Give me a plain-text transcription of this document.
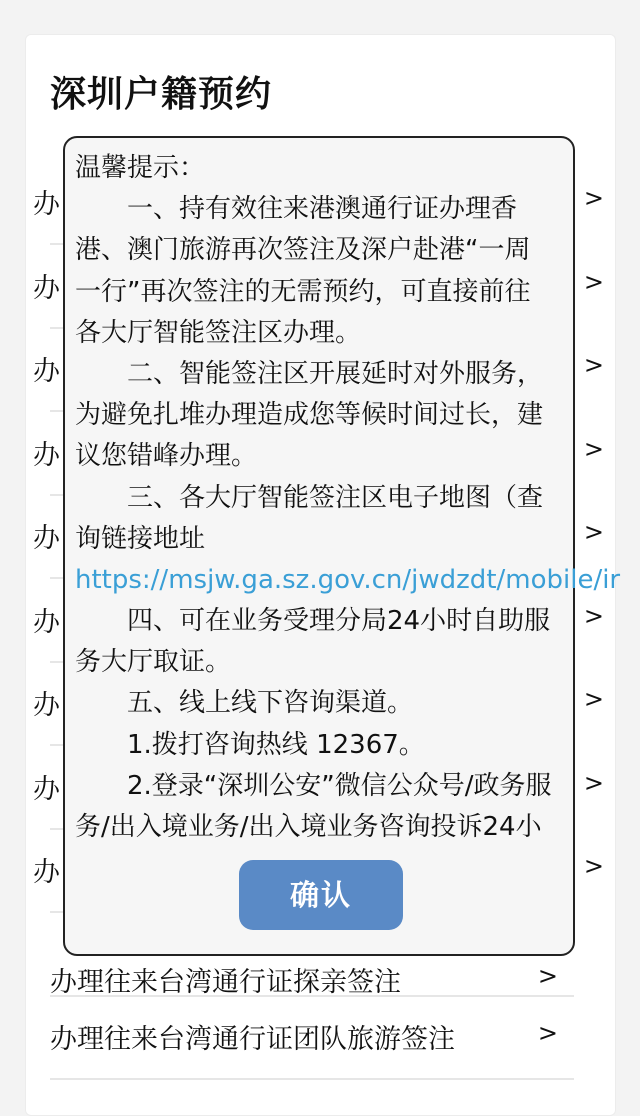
深圳户籍预约
办	>
办	>
办	>
办	>
办	>
办	>
办	>
办	>
办	>
办理往来台湾通行证探亲签注	>
办理往来台湾通行证团队旅游签注	>
温馨提示：
一、持有效往来港澳通行证办理香
港、澳门旅游再次签注及深户赴港“一周
一行”再次签注的无需预约，可直接前往
各大厅智能签注区办理。
二、智能签注区开展延时对外服务，
为避免扎堆办理造成您等候时间过长，建
议您错峰办理。
三、各大厅智能签注区电子地图（查
询链接地址
https://msjw.ga.sz.gov.cn/jwdzdt/mobile/ir
四、可在业务受理分局24小时自助服
务大厅取证。
五、线上线下咨询渠道。
1.拨打咨询热线 12367。
2.登录“深圳公安”微信公众号/政务服
务/出入境业务/出入境业务咨询投诉24小
确认
